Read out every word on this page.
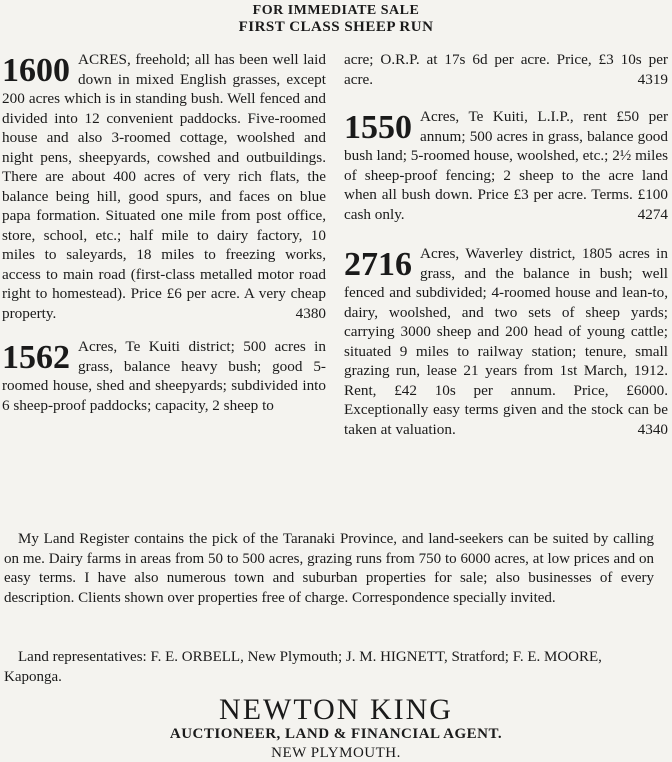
FOR IMMEDIATE SALE
FIRST CLASS SHEEP RUN
1600 ACRES, freehold; all has been well laid down in mixed English grasses, except 200 acres which is in standing bush. Well fenced and divided into 12 convenient paddocks. Five-roomed house and also 3-roomed cottage, woolshed and night pens, sheepyards, cowshed and outbuildings. There are about 400 acres of very rich flats, the balance being hill, good spurs, and faces on blue papa formation. Situated one mile from post office, store, school, etc.; half mile to dairy factory, 10 miles to saleyards, 18 miles to freezing works, access to main road (first-class metalled motor road right to homestead). Price £6 per acre. A very cheap property.	4380
1562 Acres, Te Kuiti district; 500 acres in grass, balance heavy bush; good 5-roomed house, shed and sheepyards; subdivided into 6 sheep-proof paddocks; capacity, 2 sheep to
acre; O.R.P. at 17s 6d per acre. Price, £3 10s per acre.	4319
1550 Acres, Te Kuiti, L.I.P., rent £50 per annum; 500 acres in grass, balance good bush land; 5-roomed house, woolshed, etc.; 2½ miles of sheep-proof fencing; 2 sheep to the acre land when all bush down. Price £3 per acre. Terms. £100 cash only.	4274
2716 Acres, Waverley district, 1805 acres in grass, and the balance in bush; well fenced and subdivided; 4-roomed house and lean-to, dairy, woolshed, and two sets of sheep yards; carrying 3000 sheep and 200 head of young cattle; situated 9 miles to railway station; tenure, small grazing run, lease 21 years from 1st March, 1912. Rent, £42 10s per annum. Price, £6000. Exceptionally easy terms given and the stock can be taken at valuation.	4340
My Land Register contains the pick of the Taranaki Province, and land-seekers can be suited by calling on me. Dairy farms in areas from 50 to 500 acres, grazing runs from 750 to 6000 acres, at low prices and on easy terms. I have also numerous town and suburban properties for sale; also businesses of every description. Clients shown over properties free of charge. Correspondence specially invited.
Land representatives: F. E. ORBELL, New Plymouth; J. M. HIGNETT, Stratford; F. E. MOORE, Kaponga.
NEWTON KING
AUCTIONEER, LAND & FINANCIAL AGENT.
NEW PLYMOUTH.
